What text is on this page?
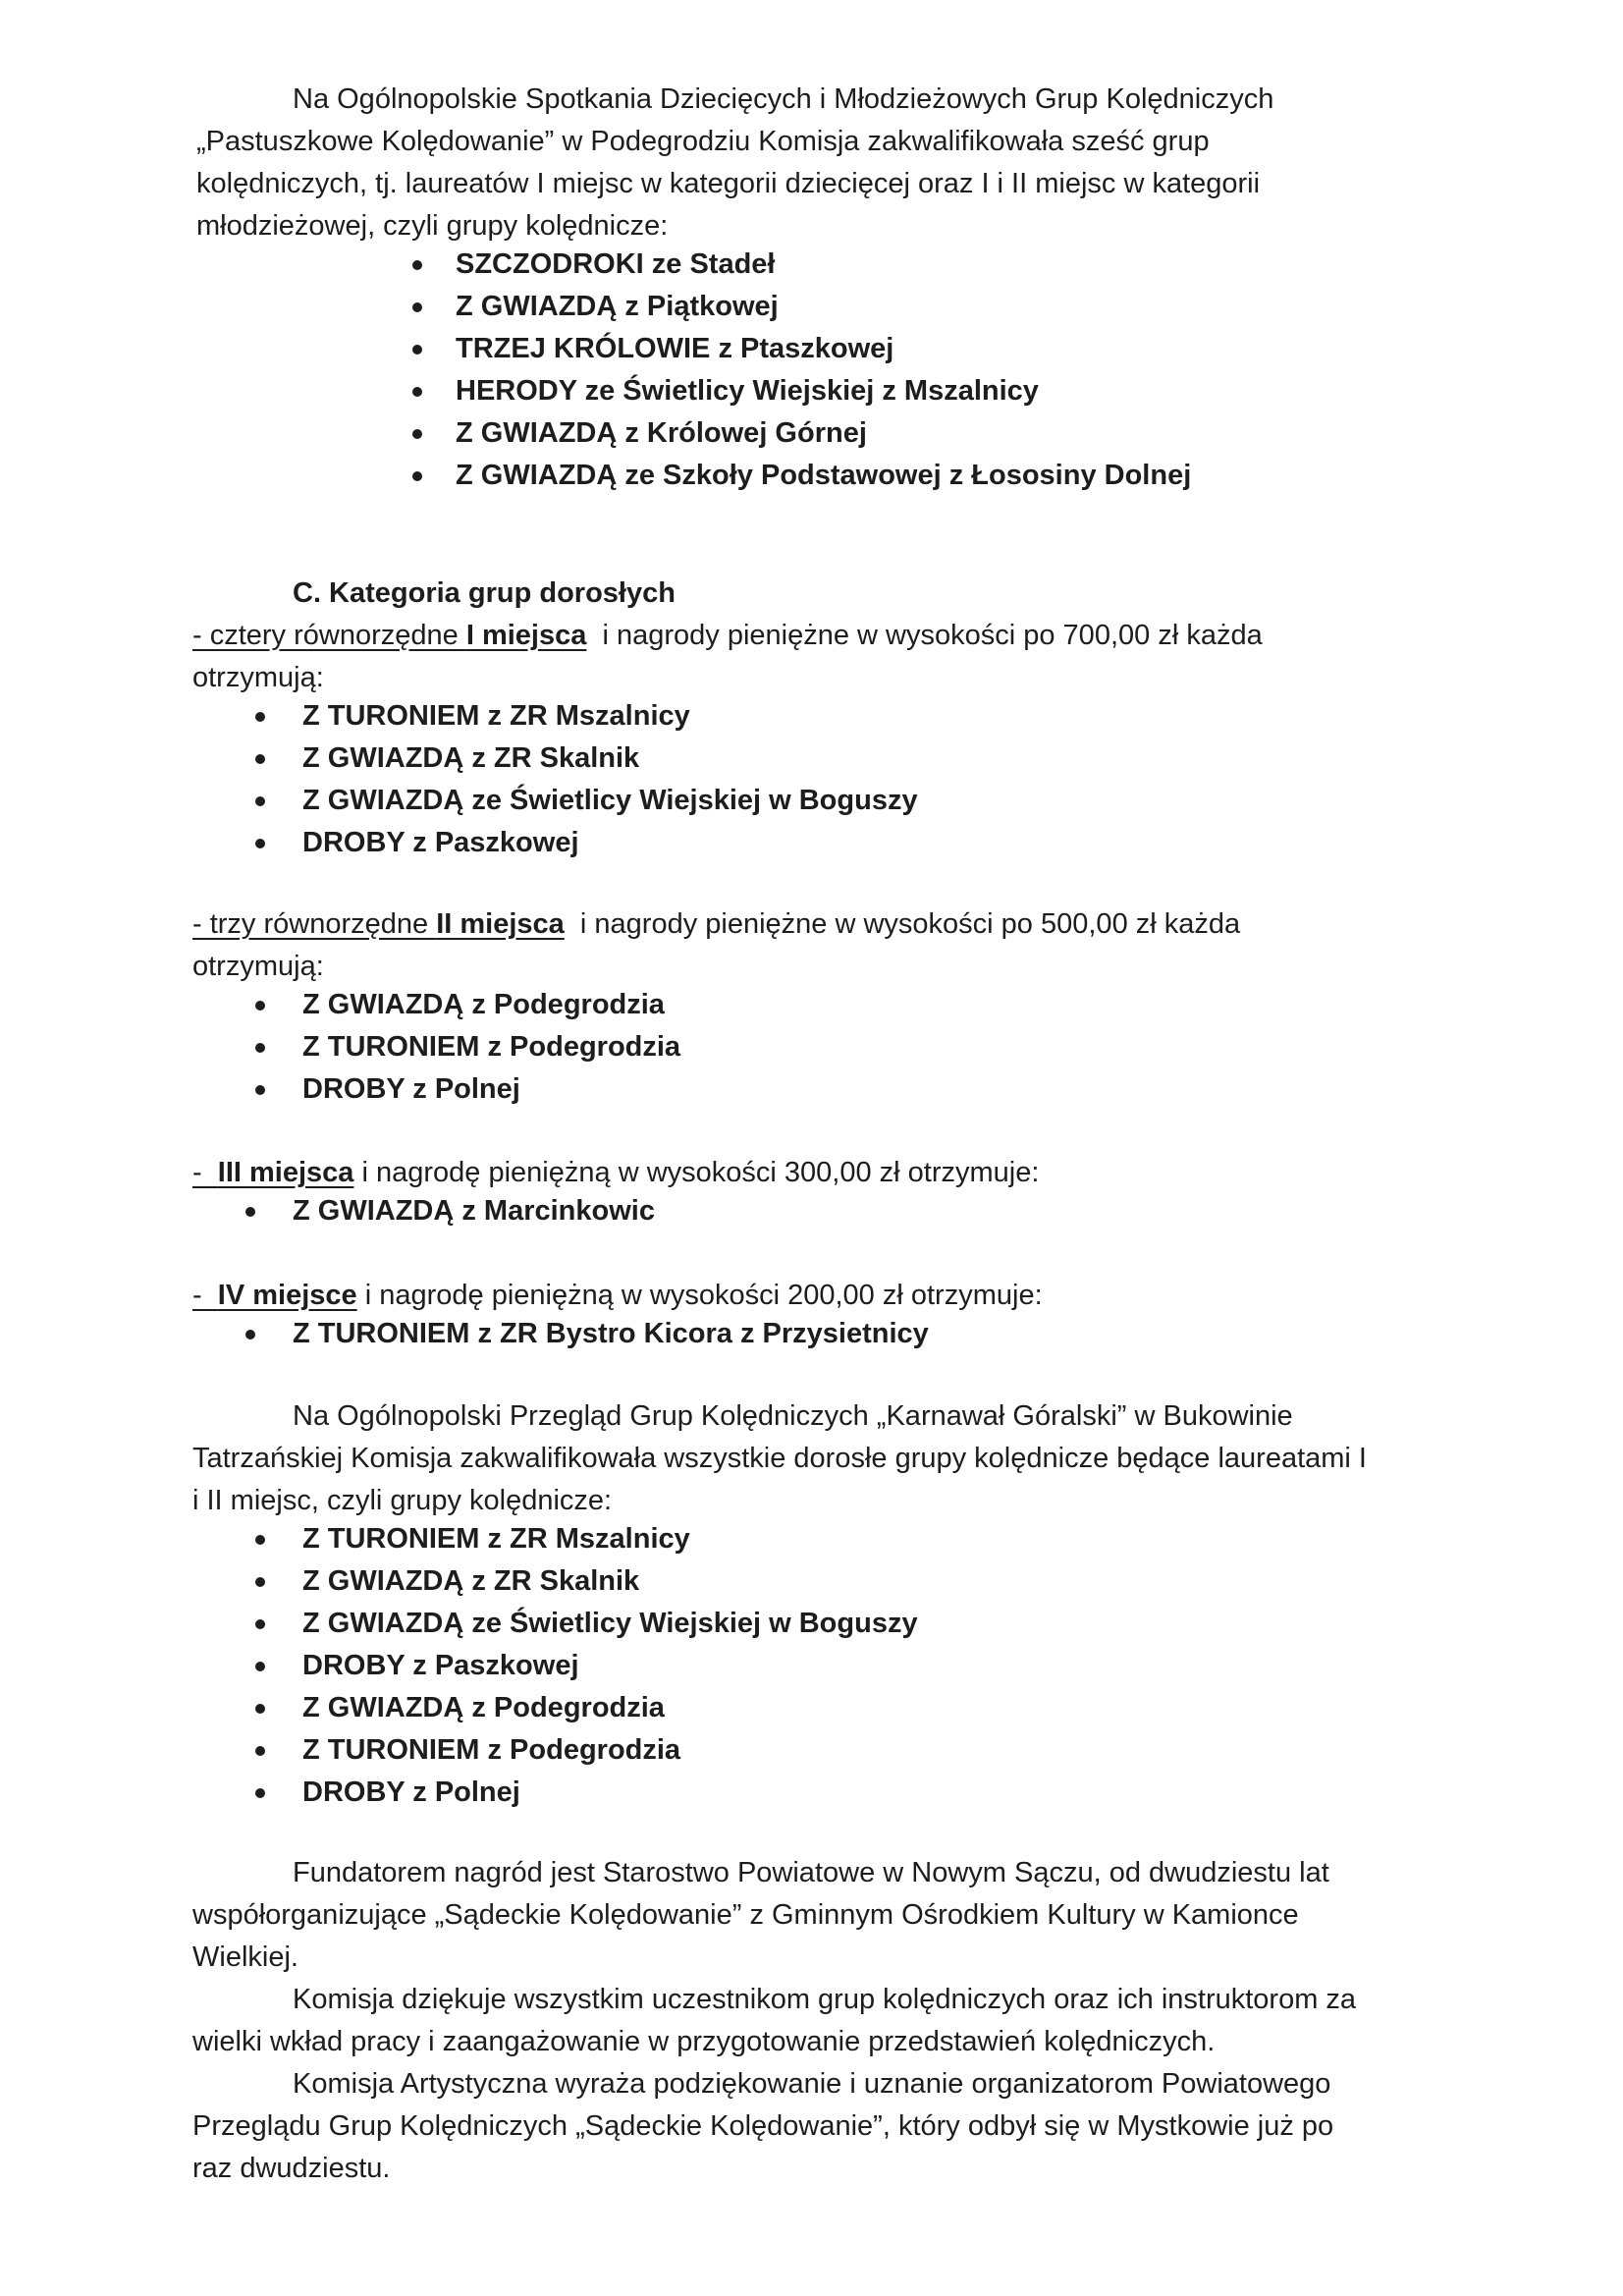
Na Ogólnopolskie Spotkania Dziecięcych i Młodzieżowych Grup Kolędniczych
„Pastuszkowe Kolędowanie” w Podegrodziu Komisja zakwalifikowała sześć grup
kolędniczych, tj. laureatów I miejsc w kategorii dziecięcej oraz I i II miejsc w kategorii
młodzieżowej, czyli grupy kolędnicze:
SZCZODROKI ze Stadeł
Z GWIAZDĄ z Piątkowej
TRZEJ KRÓLOWIE z Ptaszkowej
HERODY ze Świetlicy Wiejskiej z Mszalnicy
Z GWIAZDĄ z Królowej Górnej
Z GWIAZDĄ ze Szkoły Podstawowej z Łososiny Dolnej
C. Kategoria grup dorosłych
- cztery równorzędne I miejsca  i nagrody pieniężne w wysokości po 700,00 zł każda
otrzymują:
Z TURONIEM z ZR Mszalnicy
Z GWIAZDĄ z ZR Skalnik
Z GWIAZDĄ ze Świetlicy Wiejskiej w Boguszy
DROBY z Paszkowej
- trzy równorzędne II miejsca  i nagrody pieniężne w wysokości po 500,00 zł każda
otrzymują:
Z GWIAZDĄ z Podegrodzia
Z TURONIEM z Podegrodzia
DROBY z Polnej
-  III miejsca i nagrodę pieniężną w wysokości 300,00 zł otrzymuje:
Z GWIAZDĄ z Marcinkowic
-  IV miejsce i nagrodę pieniężną w wysokości 200,00 zł otrzymuje:
Z TURONIEM z ZR Bystro Kicora z Przysietnicy
Na Ogólnopolski Przegląd Grup Kolędniczych „Karnawał Góralski” w Bukowinie
Tatrzańskiej Komisja zakwalifikowała wszystkie dorosłe grupy kolędnicze będące laureatami I
i II miejsc, czyli grupy kolędnicze:
Z TURONIEM z ZR Mszalnicy
Z GWIAZDĄ z ZR Skalnik
Z GWIAZDĄ ze Świetlicy Wiejskiej w Boguszy
DROBY z Paszkowej
Z GWIAZDĄ z Podegrodzia
Z TURONIEM z Podegrodzia
DROBY z Polnej
Fundatorem nagród jest Starostwo Powiatowe w Nowym Sączu, od dwudziestu lat
współorganizujące „Sądeckie Kolędowanie” z Gminnym Ośrodkiem Kultury w Kamionce
Wielkiej.
Komisja dziękuje wszystkim uczestnikom grup kolędniczych oraz ich instruktorom za
wielki wkład pracy i zaangażowanie w przygotowanie przedstawień kolędniczych.
Komisja Artystyczna wyraża podziękowanie i uznanie organizatorom Powiatowego
Przeglądu Grup Kolędniczych „Sądeckie Kolędowanie”, który odbył się w Mystkowie już po
raz dwudziestu.
